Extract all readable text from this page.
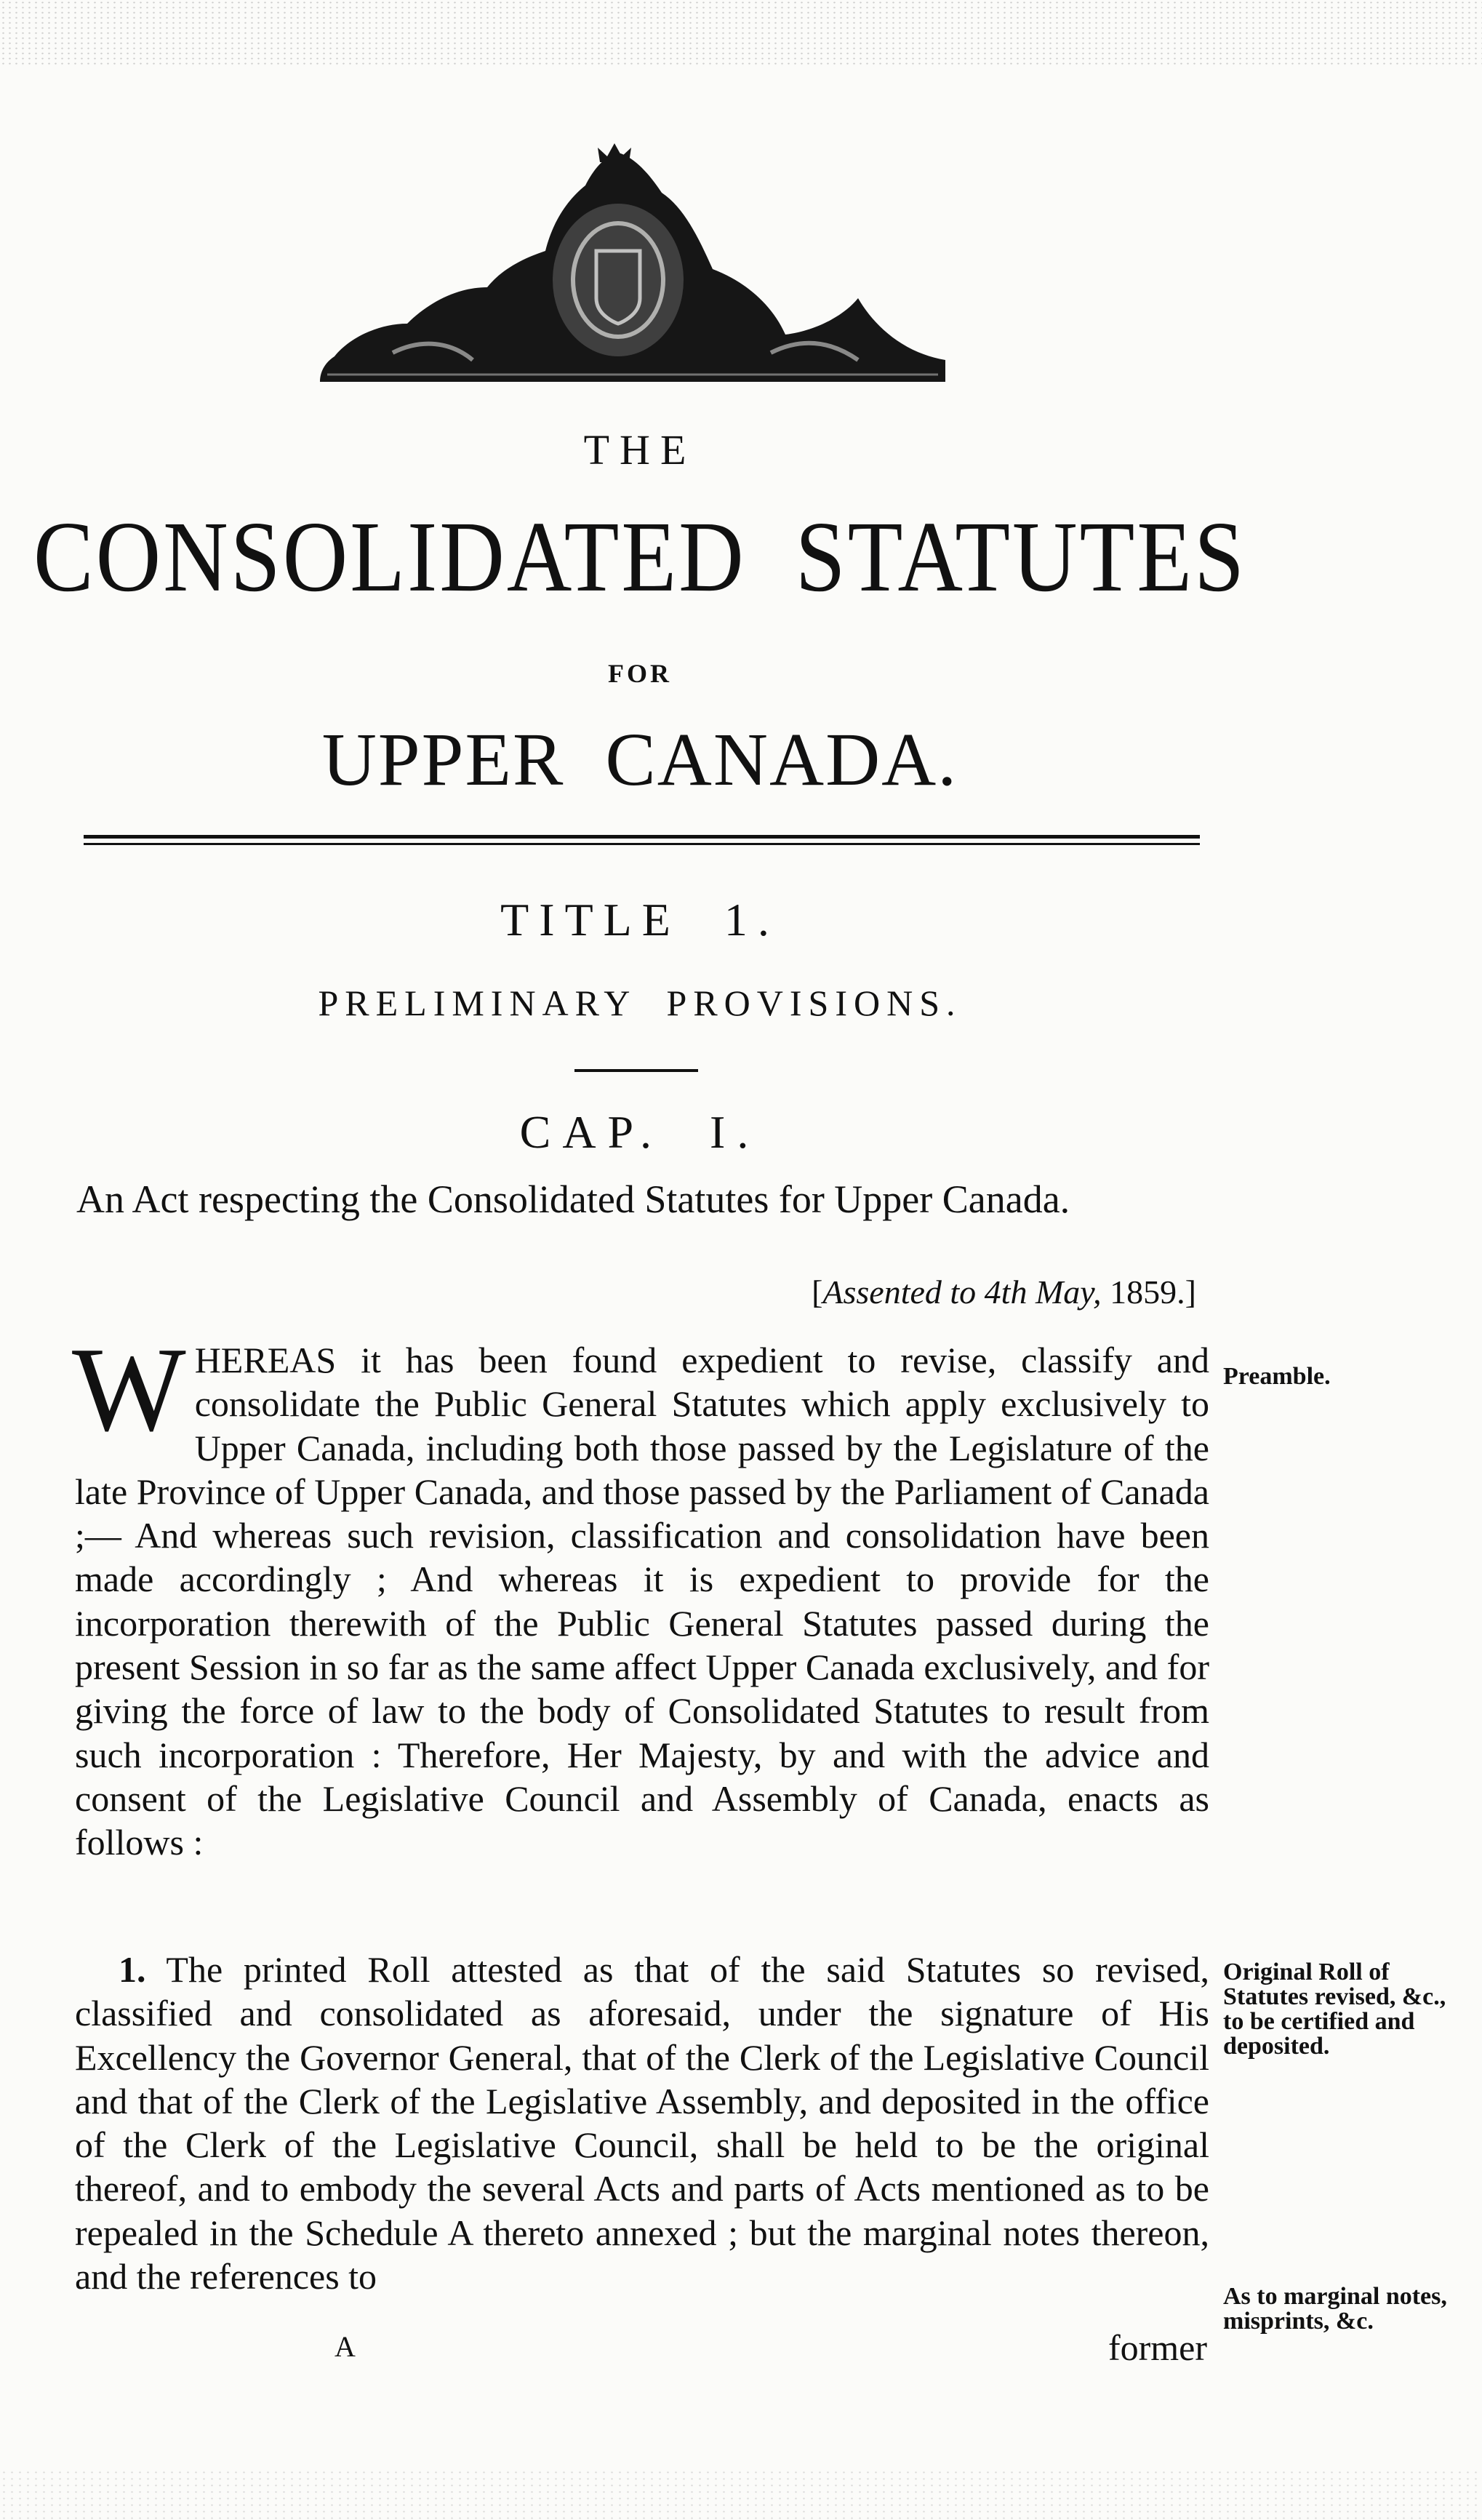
THE
CONSOLIDATED  STATUTES
FOR
UPPER  CANADA.
TITLE  1.
PRELIMINARY  PROVISIONS.
CAP.  I.
An Act respecting the Consolidated Statutes for Upper Canada.
[Assented to 4th May, 1859.]
WHEREAS it has been found expedient to revise, classify and consolidate the Public General Statutes which apply exclusively to Upper Canada, including both those passed by the Legislature of the late Province of Upper Canada, and those passed by the Parliament of Canada ;— And whereas such revision, classification and consolidation have been made accordingly ; And whereas it is expedient to provide for the incorporation therewith of the Public General Statutes passed during the present Session in so far as the same affect Upper Canada exclusively, and for giving the force of law to the body of Consolidated Statutes to result from such incorporation : Therefore, Her Majesty, by and with the advice and consent of the Legislative Council and Assembly of Canada, enacts as follows :
1. The printed Roll attested as that of the said Statutes so revised, classified and consolidated as aforesaid, under the signature of His Excellency the Governor General, that of the Clerk of the Legislative Council and that of the Clerk of the Legislative Assembly, and deposited in the office of the Clerk of the Legislative Council, shall be held to be the original thereof, and to embody the several Acts and parts of Acts mentioned as to be repealed in the Schedule A thereto annexed ; but the marginal notes thereon, and the references to
A	former
Preamble.
Original Roll of Statutes revised, &c., to be certified and deposited.
As to marginal notes, misprints, &c.
